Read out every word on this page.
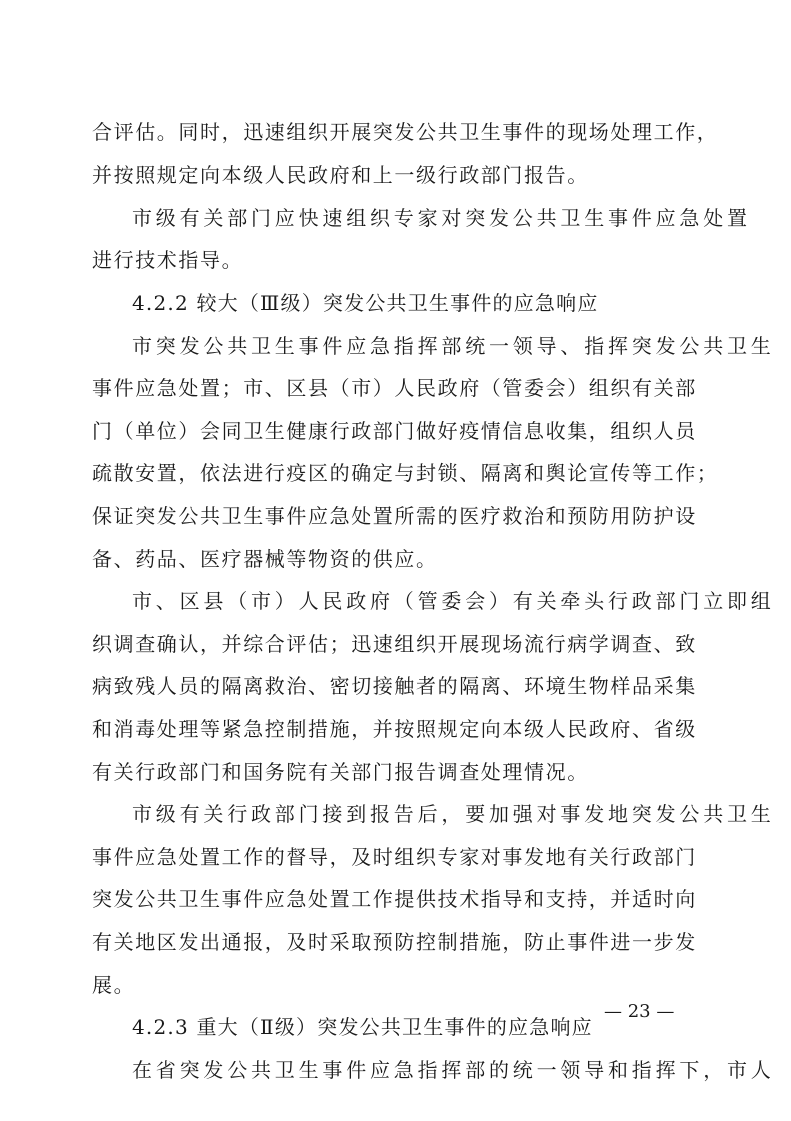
合评估。同时，迅速组织开展突发公共卫生事件的现场处理工作，
并按照规定向本级人民政府和上一级行政部门报告。
市级有关部门应快速组织专家对突发公共卫生事件应急处置
进行技术指导。
4.2.2 较大（Ⅲ级）突发公共卫生事件的应急响应
市突发公共卫生事件应急指挥部统一领导、指挥突发公共卫生
事件应急处置；市、区县（市）人民政府（管委会）组织有关部
门（单位）会同卫生健康行政部门做好疫情信息收集，组织人员
疏散安置，依法进行疫区的确定与封锁、隔离和舆论宣传等工作；
保证突发公共卫生事件应急处置所需的医疗救治和预防用防护设
备、药品、医疗器械等物资的供应。
市、区县（市）人民政府（管委会）有关牵头行政部门立即组
织调查确认，并综合评估；迅速组织开展现场流行病学调查、致
病致残人员的隔离救治、密切接触者的隔离、环境生物样品采集
和消毒处理等紧急控制措施，并按照规定向本级人民政府、省级
有关行政部门和国务院有关部门报告调查处理情况。
市级有关行政部门接到报告后，要加强对事发地突发公共卫生
事件应急处置工作的督导，及时组织专家对事发地有关行政部门
突发公共卫生事件应急处置工作提供技术指导和支持，并适时向
有关地区发出通报，及时采取预防控制措施，防止事件进一步发
展。
4.2.3 重大（Ⅱ级）突发公共卫生事件的应急响应
在省突发公共卫生事件应急指挥部的统一领导和指挥下，市人
— 23 —
